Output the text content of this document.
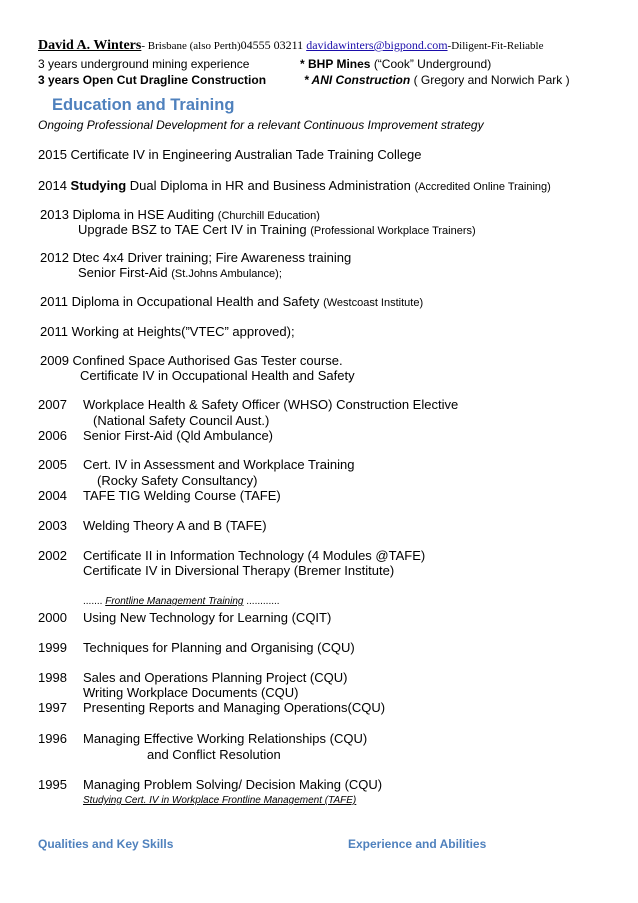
David A. Winters- Brisbane (also Perth)04555 03211 davidawinters@bigpond.com-Diligent-Fit-Reliable
3 years underground mining experience	* BHP Mines (“Cook” Underground)
3 years Open Cut Dragline Construction	* ANI Construction ( Gregory and Norwich Park )
Education and Training
Ongoing Professional Development for a relevant Continuous Improvement strategy
2015 Certificate IV in Engineering Australian Tade Training College
2014 Studying Dual Diploma in HR and Business Administration (Accredited Online Training)
2013 Diploma in HSE Auditing (Churchill Education)
Upgrade BSZ to TAE Cert IV in Training (Professional Workplace Trainers)
2012 Dtec 4x4 Driver training; Fire Awareness training
Senior First-Aid (St.Johns Ambulance);
2011 Diploma in Occupational Health and Safety (Westcoast Institute)
2011 Working at Heights(”VTEC” approved);
2009 Confined Space Authorised Gas Tester course.
Certificate IV in Occupational Health and Safety
2007 Workplace Health & Safety Officer (WHSO) Construction Elective
(National Safety Council Aust.)
2006 Senior First-Aid (Qld Ambulance)
2005 Cert. IV in Assessment and Workplace Training
(Rocky Safety Consultancy)
2004 TAFE TIG Welding Course (TAFE)
2003 Welding Theory A and B (TAFE)
2002 Certificate II in Information Technology (4 Modules @TAFE)
Certificate IV in Diversional Therapy (Bremer Institute)
....... Frontline Management Training ............
2000 Using New Technology for Learning (CQIT)
1999 Techniques for Planning and Organising (CQU)
1998 Sales and Operations Planning Project (CQU)
Writing Workplace Documents (CQU)
1997 Presenting Reports and Managing Operations(CQU)
1996 Managing Effective Working Relationships (CQU)
and Conflict Resolution
1995 Managing Problem Solving/ Decision Making (CQU)
Studying Cert. IV in Workplace Frontline Management (TAFE)
Qualities and Key Skills	Experience and Abilities
